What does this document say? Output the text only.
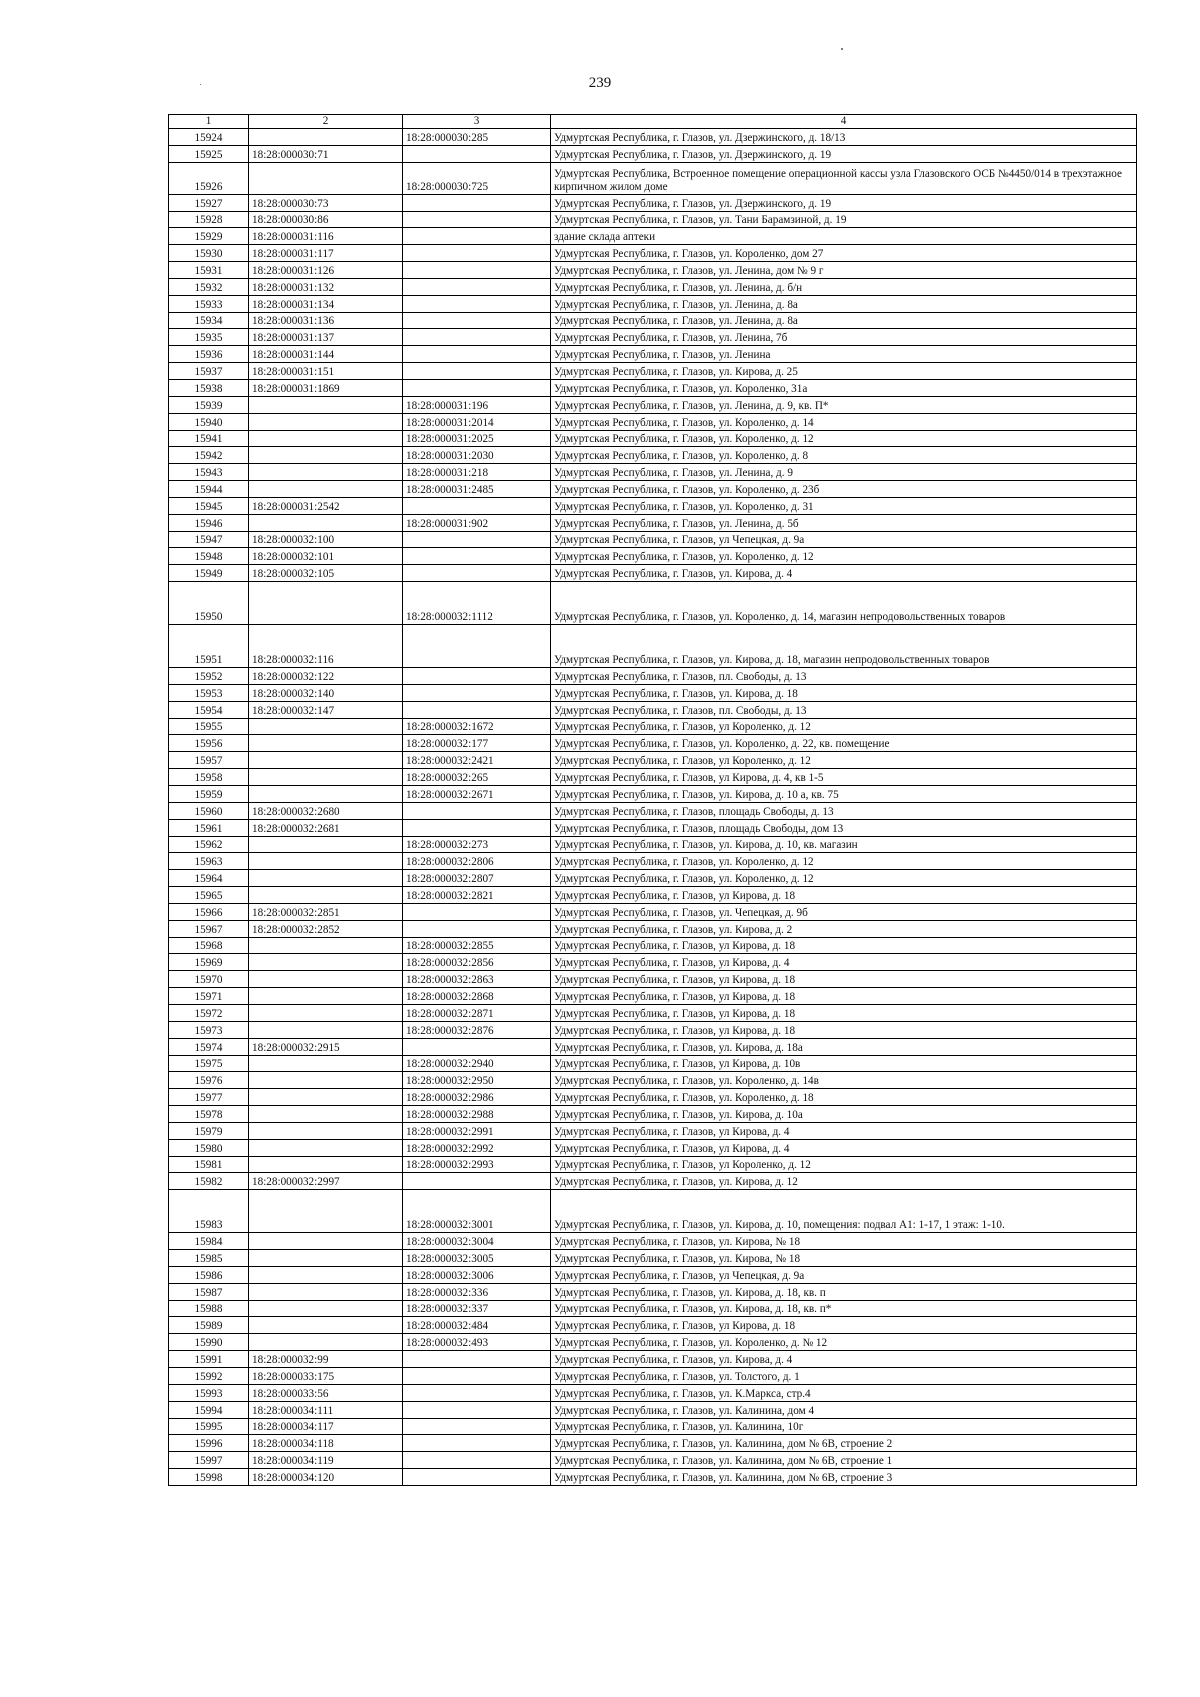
239
1	2	3	4
15924		18:28:000030:285	Удмуртская Республика, г. Глазов, ул. Дзержинского, д. 18/13
15925	18:28:000030:71		Удмуртская Республика, г. Глазов, ул. Дзержинского, д. 19
15926		18:28:000030:725	Удмуртская Республика, Встроенное помещение операционной кассы узла Глазовского ОСБ №4450/014 в трехэтажное кирпичном жилом доме
15927	18:28:000030:73		Удмуртская Республика, г. Глазов, ул. Дзержинского, д. 19
15928	18:28:000030:86		Удмуртская Республика, г. Глазов, ул. Тани Барамзиной, д. 19
15929	18:28:000031:116		здание склада аптеки
15930	18:28:000031:117		Удмуртская Республика, г. Глазов, ул. Короленко, дом 27
15931	18:28:000031:126		Удмуртская Республика, г. Глазов, ул. Ленина, дом № 9 г
15932	18:28:000031:132		Удмуртская Республика, г. Глазов, ул. Ленина, д. б/н
15933	18:28:000031:134		Удмуртская Республика, г. Глазов, ул. Ленина, д. 8а
15934	18:28:000031:136		Удмуртская Республика, г. Глазов, ул. Ленина, д. 8а
15935	18:28:000031:137		Удмуртская Республика, г. Глазов, ул. Ленина, 7б
15936	18:28:000031:144		Удмуртская Республика, г. Глазов, ул. Ленина
15937	18:28:000031:151		Удмуртская Республика, г. Глазов, ул. Кирова, д. 25
15938	18:28:000031:1869		Удмуртская Республика, г. Глазов, ул. Короленко, 31а
15939		18:28:000031:196	Удмуртская Республика, г. Глазов, ул. Ленина, д. 9, кв. П*
15940		18:28:000031:2014	Удмуртская Республика, г. Глазов, ул. Короленко, д. 14
15941		18:28:000031:2025	Удмуртская Республика, г. Глазов, ул. Короленко, д. 12
15942		18:28:000031:2030	Удмуртская Республика, г. Глазов, ул. Короленко, д. 8
15943		18:28:000031:218	Удмуртская Республика, г. Глазов, ул. Ленина, д. 9
15944		18:28:000031:2485	Удмуртская Республика, г. Глазов, ул. Короленко, д. 23б
15945	18:28:000031:2542		Удмуртская Республика, г. Глазов, ул. Короленко, д. 31
15946		18:28:000031:902	Удмуртская Республика, г. Глазов, ул. Ленина, д. 5б
15947	18:28:000032:100		Удмуртская Республика, г. Глазов, ул Чепецкая, д. 9а
15948	18:28:000032:101		Удмуртская Республика, г. Глазов, ул. Короленко, д. 12
15949	18:28:000032:105		Удмуртская Республика, г. Глазов, ул. Кирова, д. 4
15950		18:28:000032:1112	Удмуртская Республика, г. Глазов, ул. Короленко, д. 14, магазин непродовольственных товаров
15951	18:28:000032:116		Удмуртская Республика, г. Глазов, ул. Кирова, д. 18, магазин непродовольственных товаров
15952	18:28:000032:122		Удмуртская Республика, г. Глазов, пл. Свободы, д. 13
15953	18:28:000032:140		Удмуртская Республика, г. Глазов, ул. Кирова, д. 18
15954	18:28:000032:147		Удмуртская Республика, г. Глазов, пл. Свободы, д. 13
15955		18:28:000032:1672	Удмуртская Республика, г. Глазов, ул Короленко, д. 12
15956		18:28:000032:177	Удмуртская Республика, г. Глазов, ул. Короленко, д. 22, кв. помещение
15957		18:28:000032:2421	Удмуртская Республика, г. Глазов, ул Короленко, д. 12
15958		18:28:000032:265	Удмуртская Республика, г. Глазов, ул Кирова, д. 4, кв 1-5
15959		18:28:000032:2671	Удмуртская Республика, г. Глазов, ул. Кирова, д. 10 а, кв. 75
15960	18:28:000032:2680		Удмуртская Республика, г. Глазов, площадь Свободы, д. 13
15961	18:28:000032:2681		Удмуртская Республика, г. Глазов, площадь Свободы, дом 13
15962		18:28:000032:273	Удмуртская Республика, г. Глазов, ул. Кирова, д. 10, кв. магазин
15963		18:28:000032:2806	Удмуртская Республика, г. Глазов, ул. Короленко, д. 12
15964		18:28:000032:2807	Удмуртская Республика, г. Глазов, ул. Короленко, д. 12
15965		18:28:000032:2821	Удмуртская Республика, г. Глазов, ул Кирова, д. 18
15966	18:28:000032:2851		Удмуртская Республика, г. Глазов, ул. Чепецкая, д. 9б
15967	18:28:000032:2852		Удмуртская Республика, г. Глазов, ул. Кирова, д. 2
15968		18:28:000032:2855	Удмуртская Республика, г. Глазов, ул Кирова, д. 18
15969		18:28:000032:2856	Удмуртская Республика, г. Глазов, ул Кирова, д. 4
15970		18:28:000032:2863	Удмуртская Республика, г. Глазов, ул Кирова, д. 18
15971		18:28:000032:2868	Удмуртская Республика, г. Глазов, ул Кирова, д. 18
15972		18:28:000032:2871	Удмуртская Республика, г. Глазов, ул Кирова, д. 18
15973		18:28:000032:2876	Удмуртская Республика, г. Глазов, ул Кирова, д. 18
15974	18:28:000032:2915		Удмуртская Республика, г. Глазов, ул. Кирова, д. 18а
15975		18:28:000032:2940	Удмуртская Республика, г. Глазов, ул Кирова, д. 10в
15976		18:28:000032:2950	Удмуртская Республика, г. Глазов, ул. Короленко, д. 14в
15977		18:28:000032:2986	Удмуртская Республика, г. Глазов, ул. Короленко, д. 18
15978		18:28:000032:2988	Удмуртская Республика, г. Глазов, ул. Кирова, д. 10а
15979		18:28:000032:2991	Удмуртская Республика, г. Глазов, ул Кирова, д. 4
15980		18:28:000032:2992	Удмуртская Республика, г. Глазов, ул Кирова, д. 4
15981		18:28:000032:2993	Удмуртская Республика, г. Глазов, ул Короленко, д. 12
15982	18:28:000032:2997		Удмуртская Республика, г. Глазов, ул. Кирова, д. 12
15983		18:28:000032:3001	Удмуртская Республика, г. Глазов, ул. Кирова, д. 10, помещения: подвал А1: 1-17, 1 этаж: 1-10.
15984		18:28:000032:3004	Удмуртская Республика, г. Глазов, ул. Кирова, № 18
15985		18:28:000032:3005	Удмуртская Республика, г. Глазов, ул. Кирова, № 18
15986		18:28:000032:3006	Удмуртская Республика, г. Глазов, ул Чепецкая, д. 9а
15987		18:28:000032:336	Удмуртская Республика, г. Глазов, ул. Кирова, д. 18, кв. п
15988		18:28:000032:337	Удмуртская Республика, г. Глазов, ул. Кирова, д. 18, кв. п*
15989		18:28:000032:484	Удмуртская Республика, г. Глазов, ул Кирова, д. 18
15990		18:28:000032:493	Удмуртская Республика, г. Глазов, ул. Короленко, д. № 12
15991	18:28:000032:99		Удмуртская Республика, г. Глазов, ул. Кирова, д. 4
15992	18:28:000033:175		Удмуртская Республика, г. Глазов, ул. Толстого, д. 1
15993	18:28:000033:56		Удмуртская Республика, г. Глазов, ул. К.Маркса, стр.4
15994	18:28:000034:111		Удмуртская Республика, г. Глазов, ул. Калинина, дом 4
15995	18:28:000034:117		Удмуртская Республика, г. Глазов, ул. Калинина, 10г
15996	18:28:000034:118		Удмуртская Республика, г. Глазов, ул. Калинина, дом № 6В, строение 2
15997	18:28:000034:119		Удмуртская Республика, г. Глазов, ул. Калинина, дом № 6В, строение 1
15998	18:28:000034:120		Удмуртская Республика, г. Глазов, ул. Калинина, дом № 6В, строение 3
